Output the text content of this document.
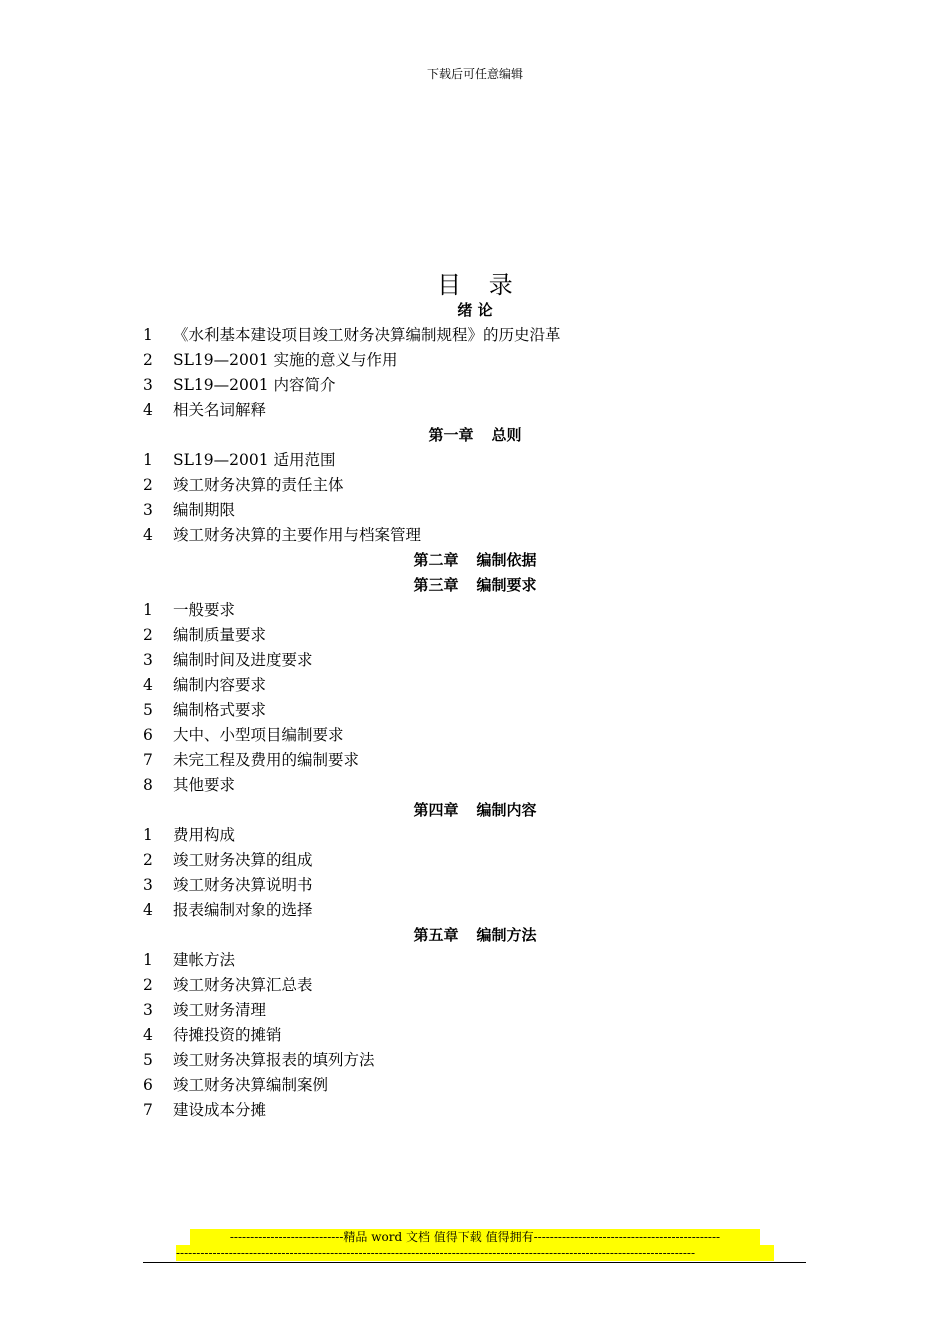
下载后可任意编辑
目 录
绪 论
1 《水利基本建设项目竣工财务决算编制规程》的历史沿革
2 SL19—2001 实施的意义与作用
3 SL19—2001 内容简介
4 相关名词解释
第一章 总则
1 SL19—2001 适用范围
2 竣工财务决算的责任主体
3 编制期限
4 竣工财务决算的主要作用与档案管理
第二章 编制依据
第三章 编制要求
1 一般要求
2 编制质量要求
3 编制时间及进度要求
4 编制内容要求
5 编制格式要求
6 大中、小型项目编制要求
7 未完工程及费用的编制要求
8 其他要求
第四章 编制内容
1 费用构成
2 竣工财务决算的组成
3 竣工财务决算说明书
4 报表编制对象的选择
第五章 编制方法
1 建帐方法
2 竣工财务决算汇总表
3 竣工财务清理
4 待摊投资的摊销
5 竣工财务决算报表的填列方法
6 竣工财务决算编制案例
7 建设成本分摊
----------------------------精品 word 文档 值得下载 值得拥有----------------------------------------------
--------------------------------------------------------------------------------------------------------------------------------
